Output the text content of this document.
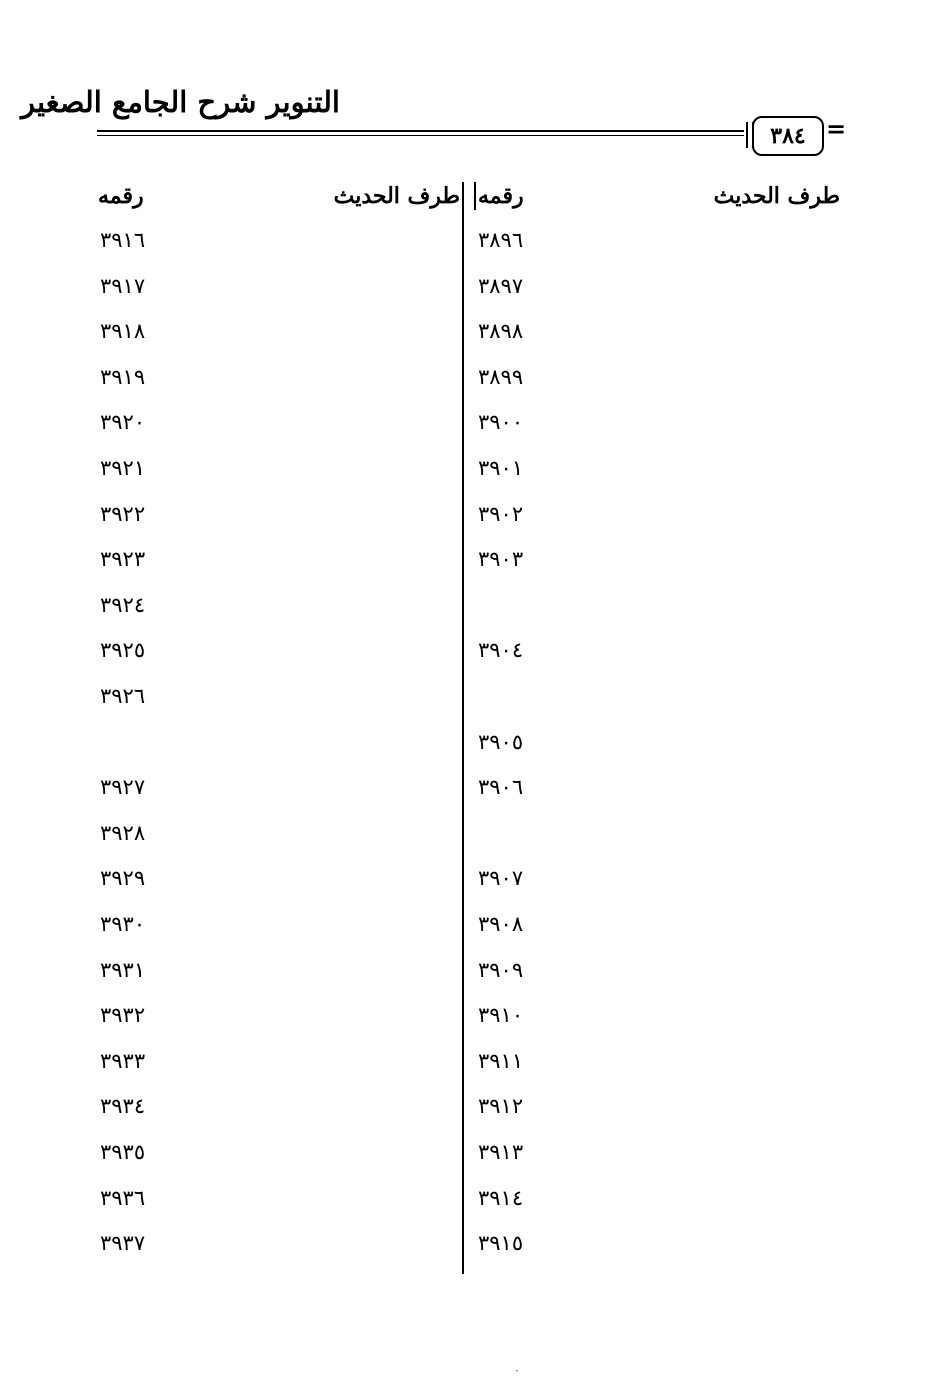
التنوير شرح الجامع الصغير
٣٨٤ =
طرف الحديث
رقمه
طرف الحديث
رقمه
٣٨٩٦
٣٨٩٧
٣٨٩٨
٣٨٩٩
٣٩٠٠
٣٩٠١
٣٩٠٢
٣٩٠٣
٣٩٠٤
٣٩٠٥
٣٩٠٦
٣٩٠٧
٣٩٠٨
٣٩٠٩
٣٩١٠
٣٩١١
٣٩١٢
٣٩١٣
٣٩١٤
٣٩١٥
٣٩١٦
٣٩١٧
٣٩١٨
٣٩١٩
٣٩٢٠
٣٩٢١
٣٩٢٢
٣٩٢٣
٣٩٢٤
٣٩٢٥
٣٩٢٦
٣٩٢٧
٣٩٢٨
٣٩٢٩
٣٩٣٠
٣٩٣١
٣٩٣٢
٣٩٣٣
٣٩٣٤
٣٩٣٥
٣٩٣٦
٣٩٣٧
·
